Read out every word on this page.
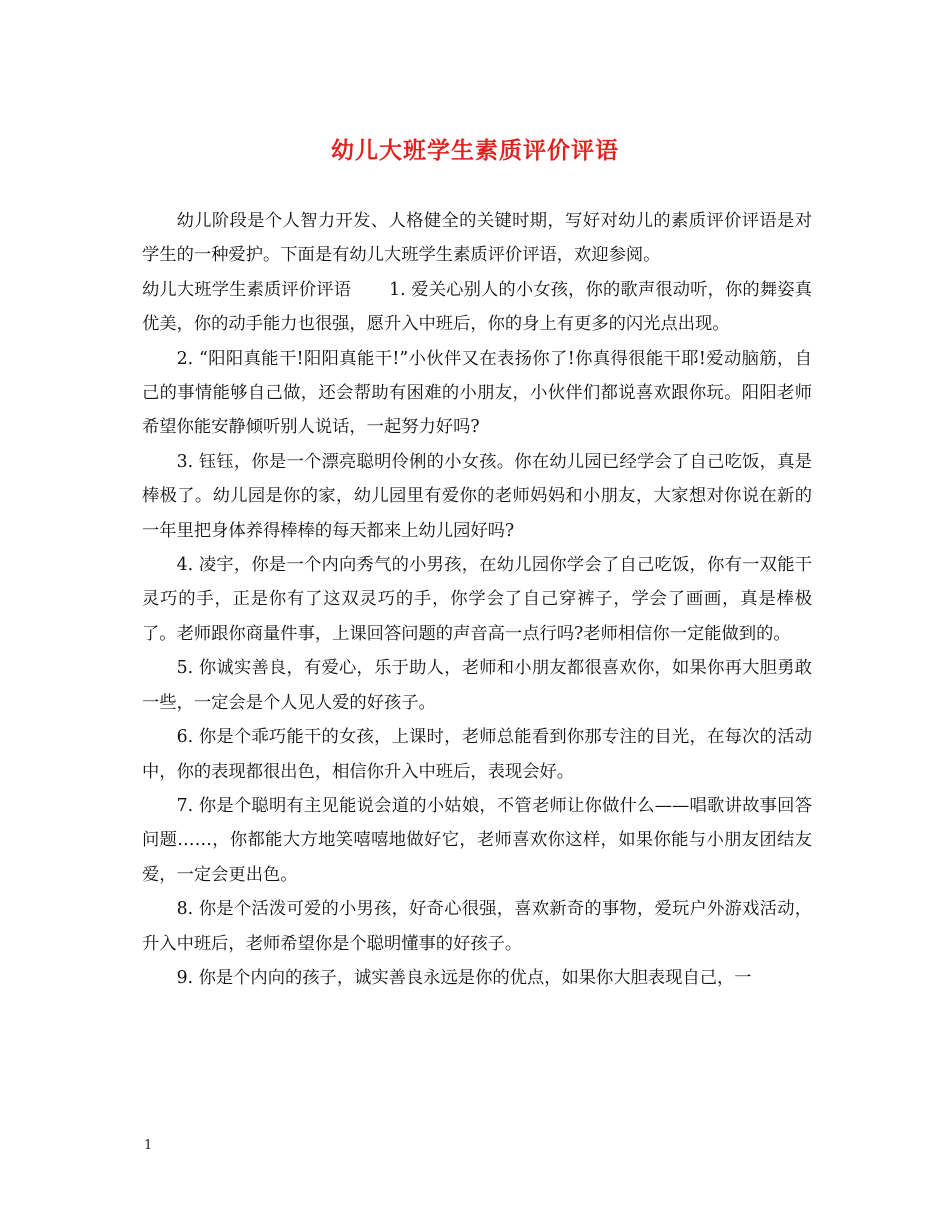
幼儿大班学生素质评价评语

幼儿阶段是个人智力开发、人格健全的关键时期，写好对幼儿的素质评价评语是对学生的一种爱护。下面是有幼儿大班学生素质评价评语，欢迎参阅。

幼儿大班学生素质评价评语 1. 爱关心别人的小女孩，你的歌声很动听，你的舞姿真优美，你的动手能力也很强，愿升入中班后，你的身上有更多的闪光点出现。

2. “阳阳真能干!阳阳真能干!”小伙伴又在表扬你了!你真得很能干耶!爱动脑筋，自己的事情能够自己做，还会帮助有困难的小朋友，小伙伴们都说喜欢跟你玩。阳阳老师希望你能安静倾听别人说话，一起努力好吗?

3. 钰钰，你是一个漂亮聪明伶俐的小女孩。你在幼儿园已经学会了自己吃饭，真是棒极了。幼儿园是你的家，幼儿园里有爱你的老师妈妈和小朋友，大家想对你说在新的一年里把身体养得棒棒的每天都来上幼儿园好吗?

4. 凌宇，你是一个内向秀气的小男孩，在幼儿园你学会了自己吃饭，你有一双能干灵巧的手，正是你有了这双灵巧的手，你学会了自己穿裤子，学会了画画，真是棒极了。老师跟你商量件事，上课回答问题的声音高一点行吗?老师相信你一定能做到的。

5. 你诚实善良，有爱心，乐于助人，老师和小朋友都很喜欢你，如果你再大胆勇敢一些，一定会是个人见人爱的好孩子。

6. 你是个乖巧能干的女孩，上课时，老师总能看到你那专注的目光，在每次的活动中，你的表现都很出色，相信你升入中班后，表现会好。

7. 你是个聪明有主见能说会道的小姑娘，不管老师让你做什么——唱歌讲故事回答问题……，你都能大方地笑嘻嘻地做好它，老师喜欢你这样，如果你能与小朋友团结友爱，一定会更出色。

8. 你是个活泼可爱的小男孩，好奇心很强，喜欢新奇的事物，爱玩户外游戏活动，升入中班后，老师希望你是个聪明懂事的好孩子。

9. 你是个内向的孩子，诚实善良永远是你的优点，如果你大胆表现自己，一

1
